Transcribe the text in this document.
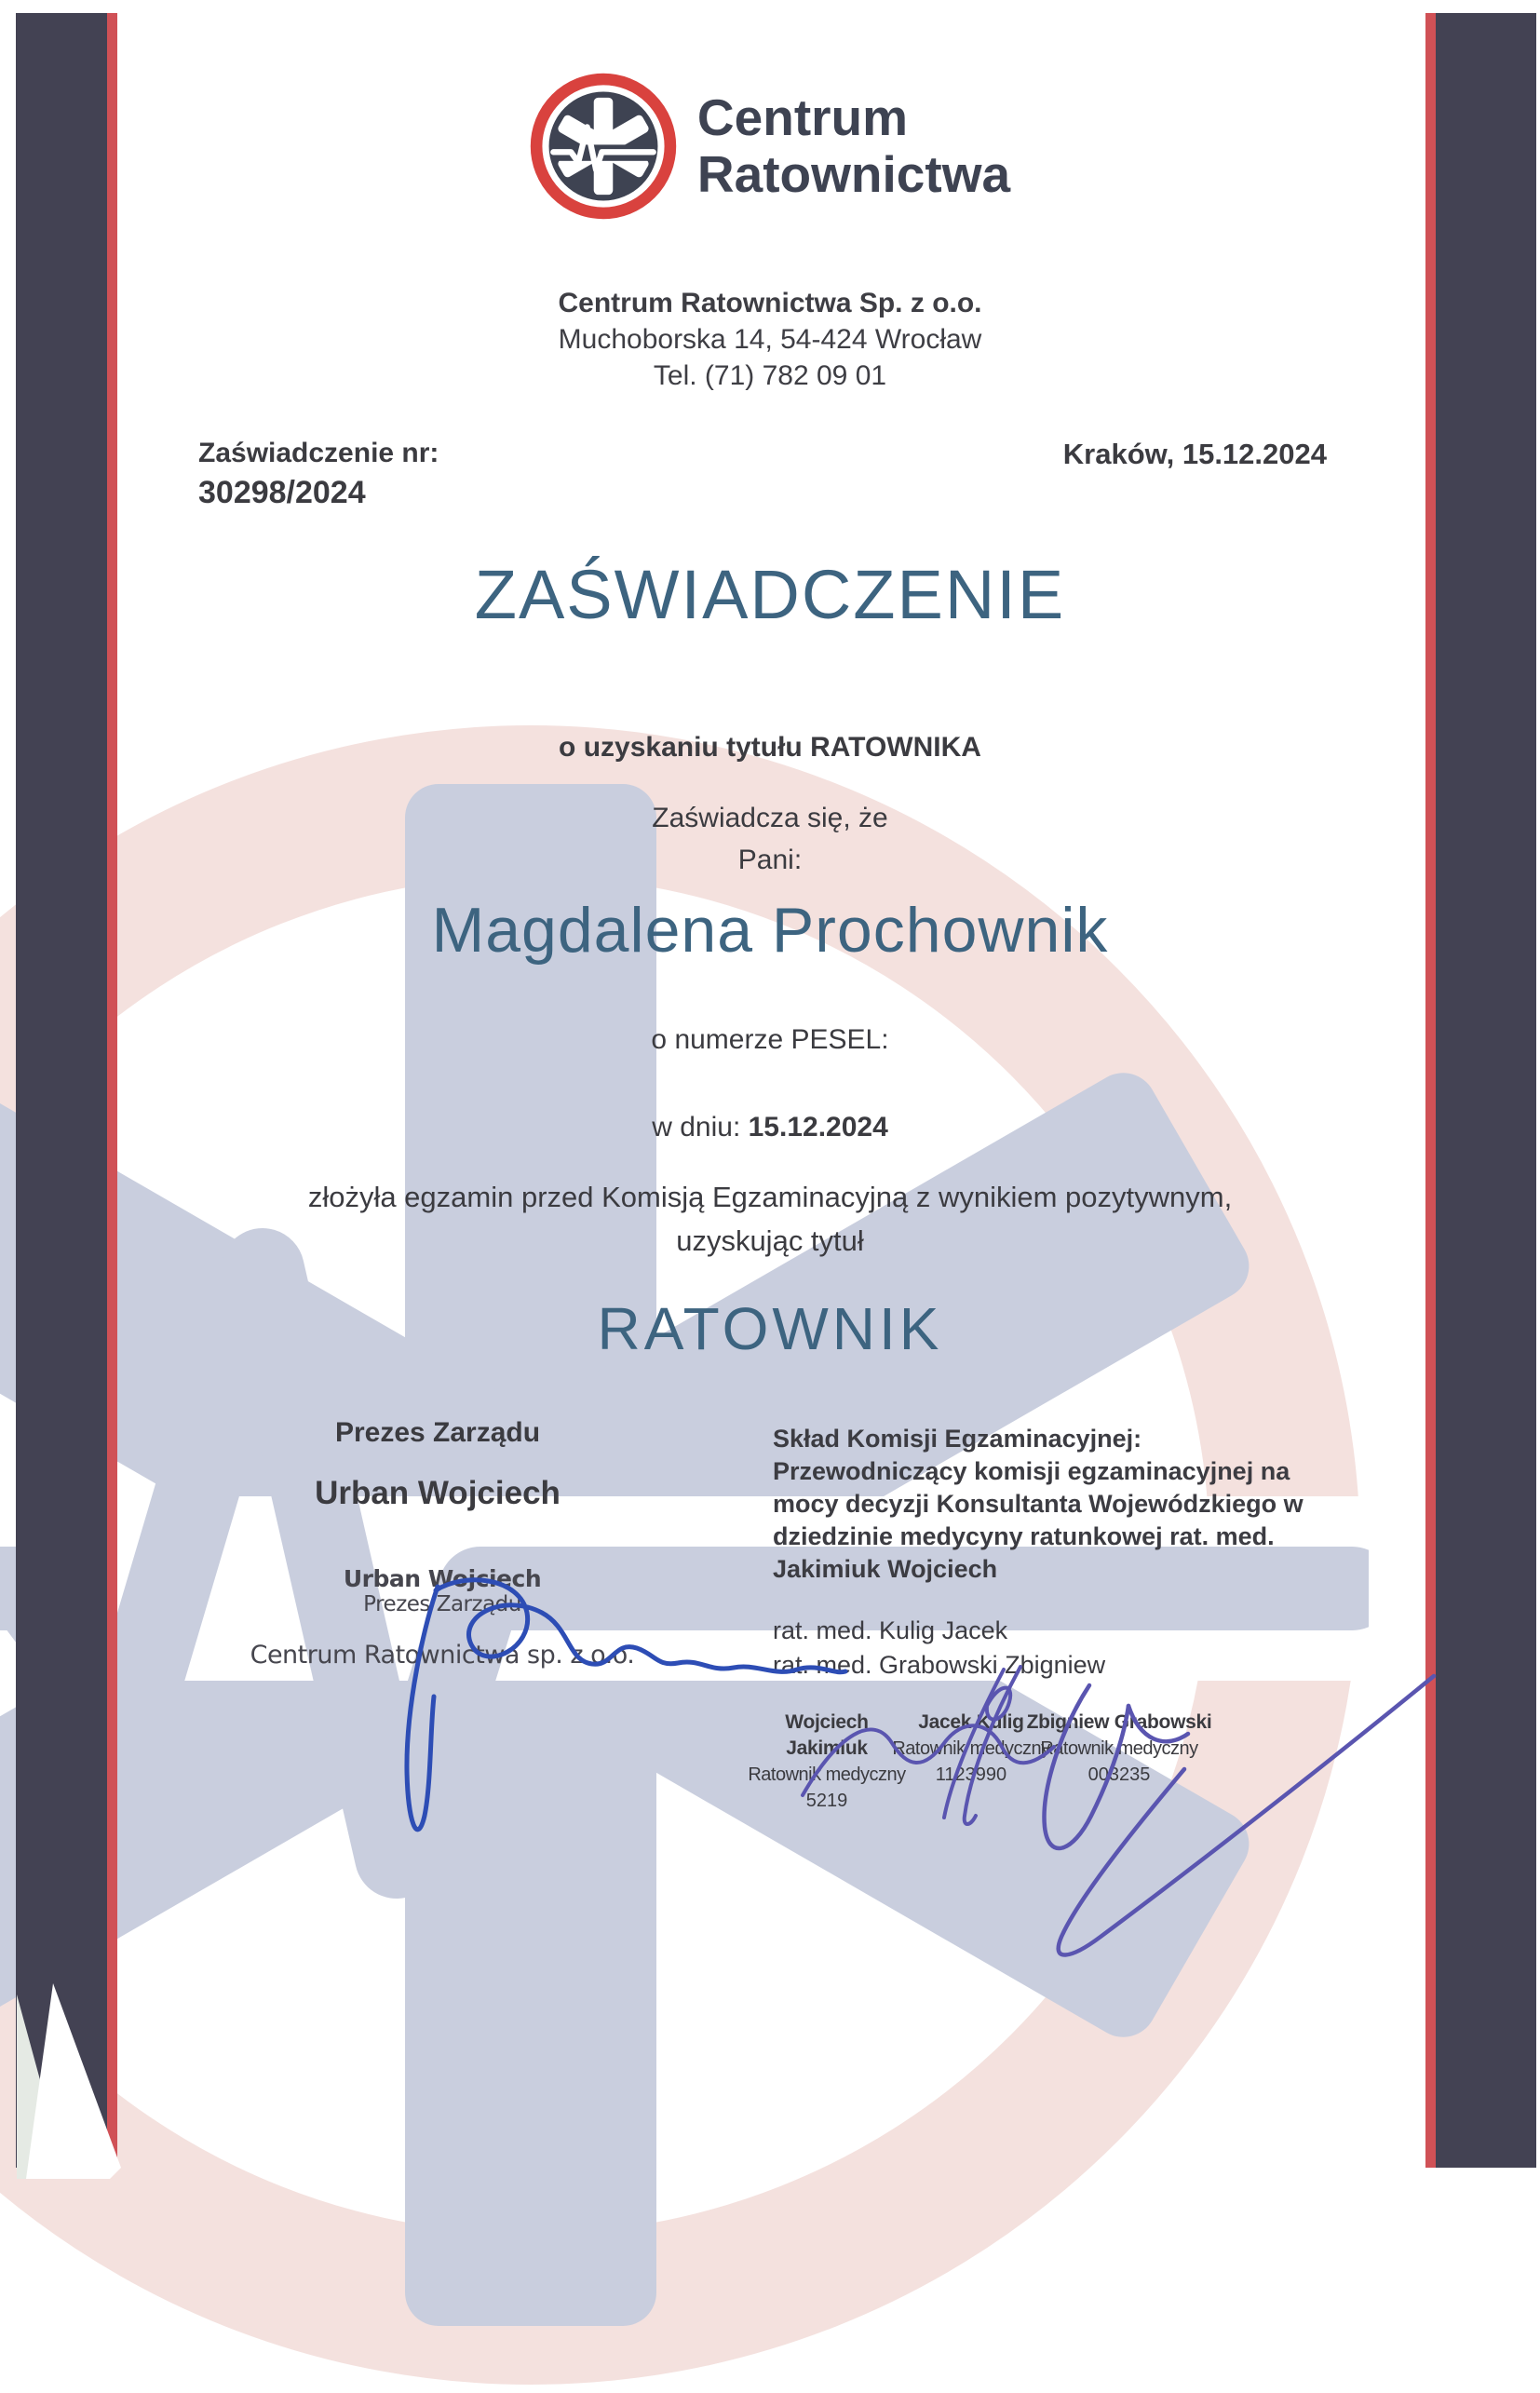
Centrum
Ratownictwa
Centrum Ratownictwa Sp. z o.o.
Muchoborska 14, 54-424 Wrocław
Tel. (71) 782 09 01
Zaświadczenie nr:
30298/2024
Kraków, 15.12.2024
ZAŚWIADCZENIE
o uzyskaniu tytułu RATOWNIKA
Zaświadcza się, że
Pani:
Magdalena Prochownik
o numerze PESEL:
w dniu: 15.12.2024
złożyła egzamin przed Komisją Egzaminacyjną z wynikiem pozytywnym,
uzyskując tytuł
RATOWNIK
Prezes Zarządu
Urban Wojciech
Skład Komisji Egzaminacyjnej:
Przewodniczący komisji egzaminacyjnej na mocy decyzji Konsultanta Wojewódzkiego w dziedzinie medycyny ratunkowej rat. med. Jakimiuk Wojciech
rat. med. Kulig Jacek
rat. med. Grabowski Zbigniew
Urban Wojciech
Prezes Zarządu
Centrum Ratownictwa sp. z o.o.
Wojciech Jakimiuk
Ratownik medyczny
5219
Jacek Kulig
Ratownik medyczny
1123990
Zbigniew Grabowski
Ratownik medyczny
003235
